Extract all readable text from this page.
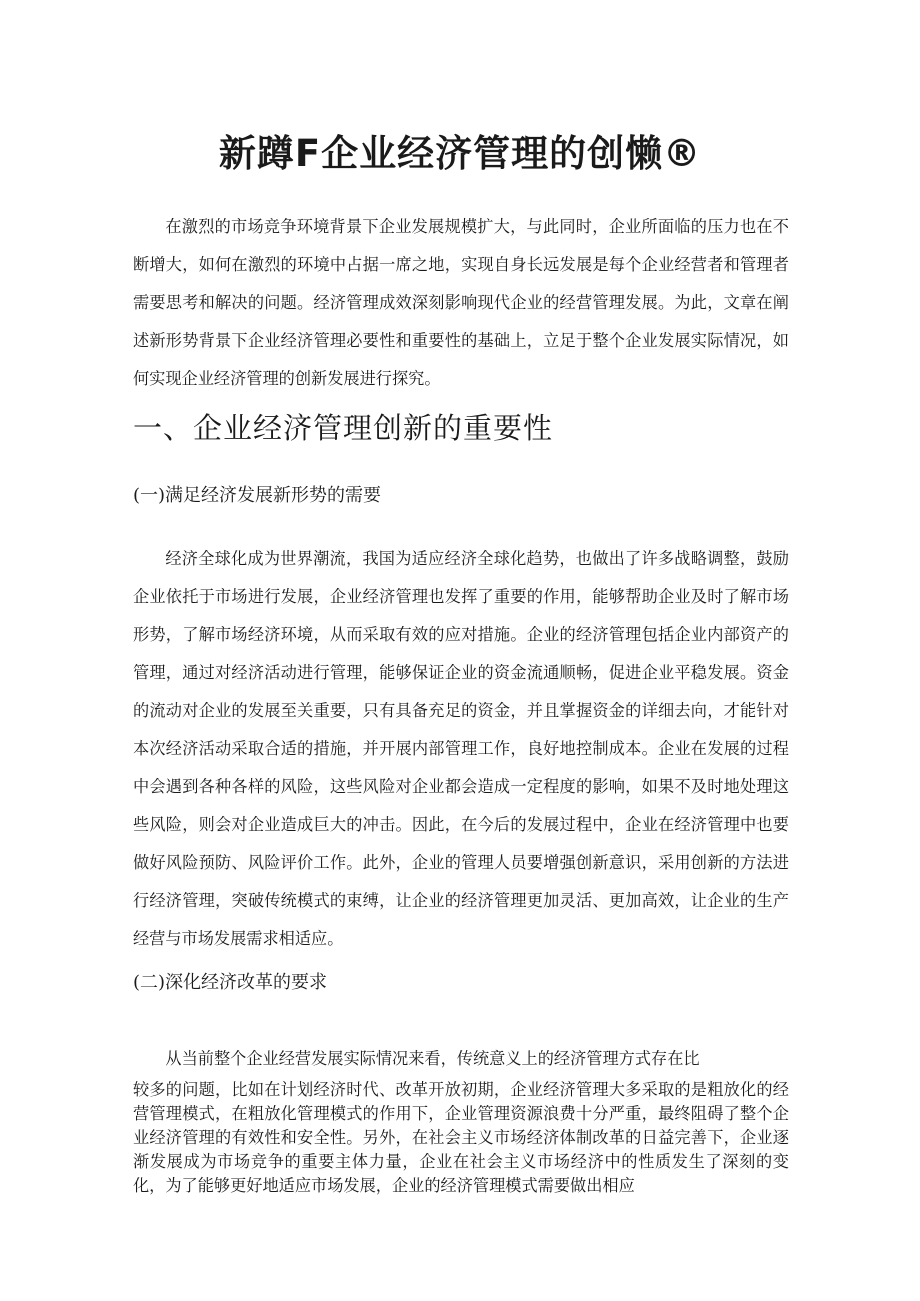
新蹲F企业经济管理的创懒®

在激烈的市场竞争环境背景下企业发展规模扩大，与此同时，企业所面临的压力也在不断增大，如何在激烈的环境中占据一席之地，实现自身长远发展是每个企业经营者和管理者需要思考和解决的问题。经济管理成效深刻影响现代企业的经营管理发展。为此，文章在阐述新形势背景下企业经济管理必要性和重要性的基础上，立足于整个企业发展实际情况，如何实现企业经济管理的创新发展进行探究。

一、企业经济管理创新的重要性
(一)满足经济发展新形势的需要

经济全球化成为世界潮流，我国为适应经济全球化趋势，也做出了许多战略调整，鼓励企业依托于市场进行发展，企业经济管理也发挥了重要的作用，能够帮助企业及时了解市场形势，了解市场经济环境，从而采取有效的应对措施。企业的经济管理包括企业内部资产的管理，通过对经济活动进行管理，能够保证企业的资金流通顺畅，促进企业平稳发展。资金的流动对企业的发展至关重要，只有具备充足的资金，并且掌握资金的详细去向，才能针对本次经济活动采取合适的措施，并开展内部管理工作，良好地控制成本。企业在发展的过程中会遇到各种各样的风险，这些风险对企业都会造成一定程度的影响，如果不及时地处理这些风险，则会对企业造成巨大的冲击。因此，在今后的发展过程中，企业在经济管理中也要做好风险预防、风险评价工作。此外，企业的管理人员要增强创新意识，采用创新的方法进行经济管理，突破传统模式的束缚，让企业的经济管理更加灵活、更加高效，让企业的生产经营与市场发展需求相适应。

(二)深化经济改革的要求

从当前整个企业经营发展实际情况来看，传统意义上的经济管理方式存在比

较多的问题，比如在计划经济时代、改革开放初期，企业经济管理大多采取的是粗放化的经营管理模式，在粗放化管理模式的作用下，企业管理资源浪费十分严重，最终阻碍了整个企业经济管理的有效性和安全性。另外，在社会主义市场经济体制改革的日益完善下，企业逐渐发展成为市场竞争的重要主体力量，企业在社会主义市场经济中的性质发生了深刻的变化，为了能够更好地适应市场发展，企业的经济管理模式需要做出相应
